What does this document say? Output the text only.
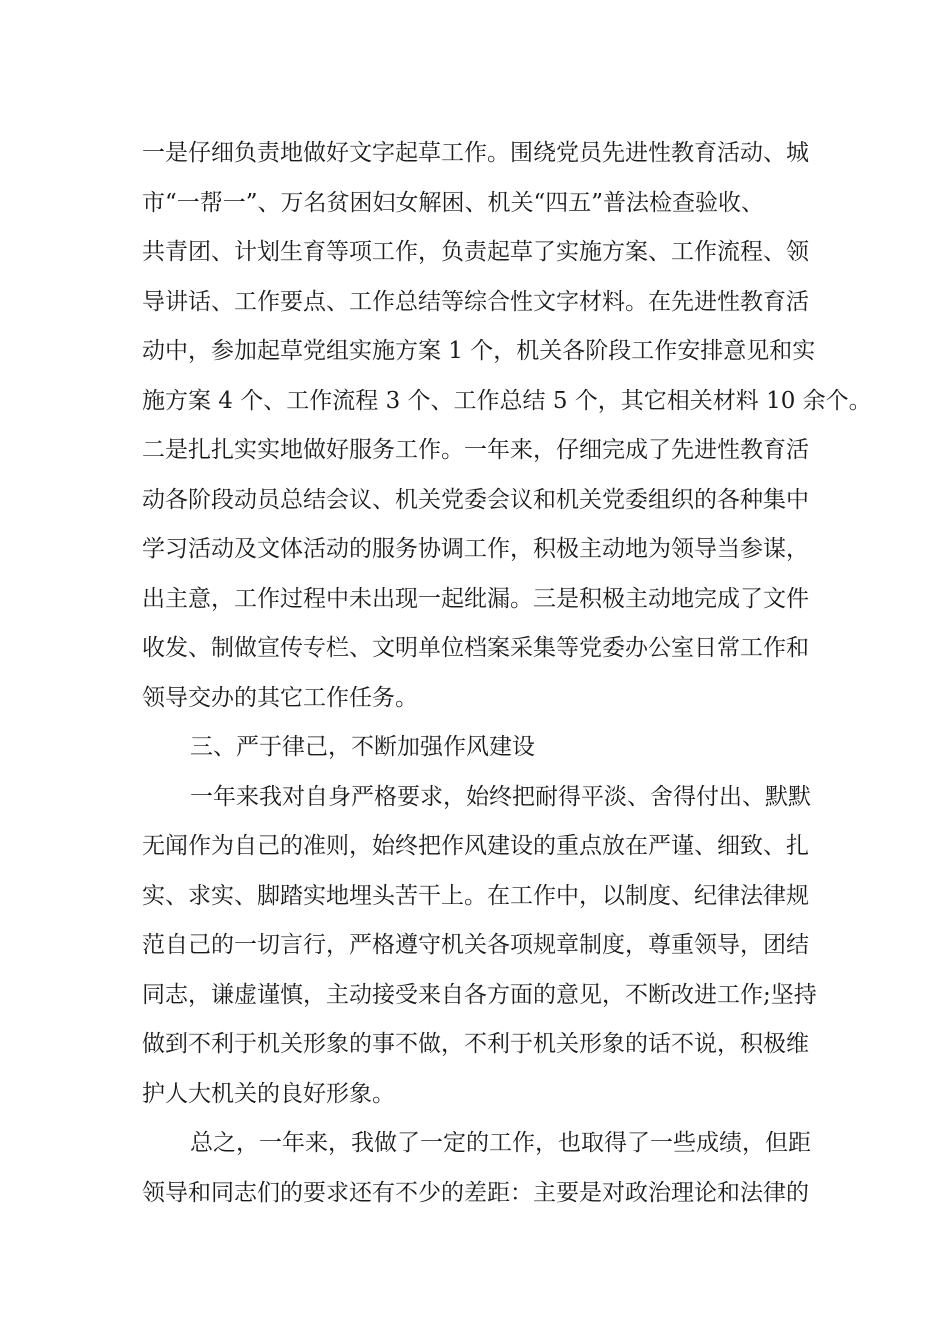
一是仔细负责地做好文字起草工作。围绕党员先进性教育活动、城
市“一帮一”、万名贫困妇女解困、机关“四五”普法检查验收、
共青团、计划生育等项工作，负责起草了实施方案、工作流程、领
导讲话、工作要点、工作总结等综合性文字材料。在先进性教育活
动中，参加起草党组实施方案 1 个，机关各阶段工作安排意见和实
施方案 4 个、工作流程 3 个、工作总结 5 个，其它相关材料 10 余个。
二是扎扎实实地做好服务工作。一年来，仔细完成了先进性教育活
动各阶段动员总结会议、机关党委会议和机关党委组织的各种集中
学习活动及文体活动的服务协调工作，积极主动地为领导当参谋，
出主意，工作过程中未出现一起纰漏。三是积极主动地完成了文件
收发、制做宣传专栏、文明单位档案采集等党委办公室日常工作和
领导交办的其它工作任务。
三、严于律己，不断加强作风建设
一年来我对自身严格要求，始终把耐得平淡、舍得付出、默默
无闻作为自己的准则，始终把作风建设的重点放在严谨、细致、扎
实、求实、脚踏实地埋头苦干上。在工作中，以制度、纪律法律规
范自己的一切言行，严格遵守机关各项规章制度，尊重领导，团结
同志，谦虚谨慎，主动接受来自各方面的意见，不断改进工作;坚持
做到不利于机关形象的事不做，不利于机关形象的话不说，积极维
护人大机关的良好形象。
总之，一年来，我做了一定的工作，也取得了一些成绩，但距
领导和同志们的要求还有不少的差距：主要是对政治理论和法律的
